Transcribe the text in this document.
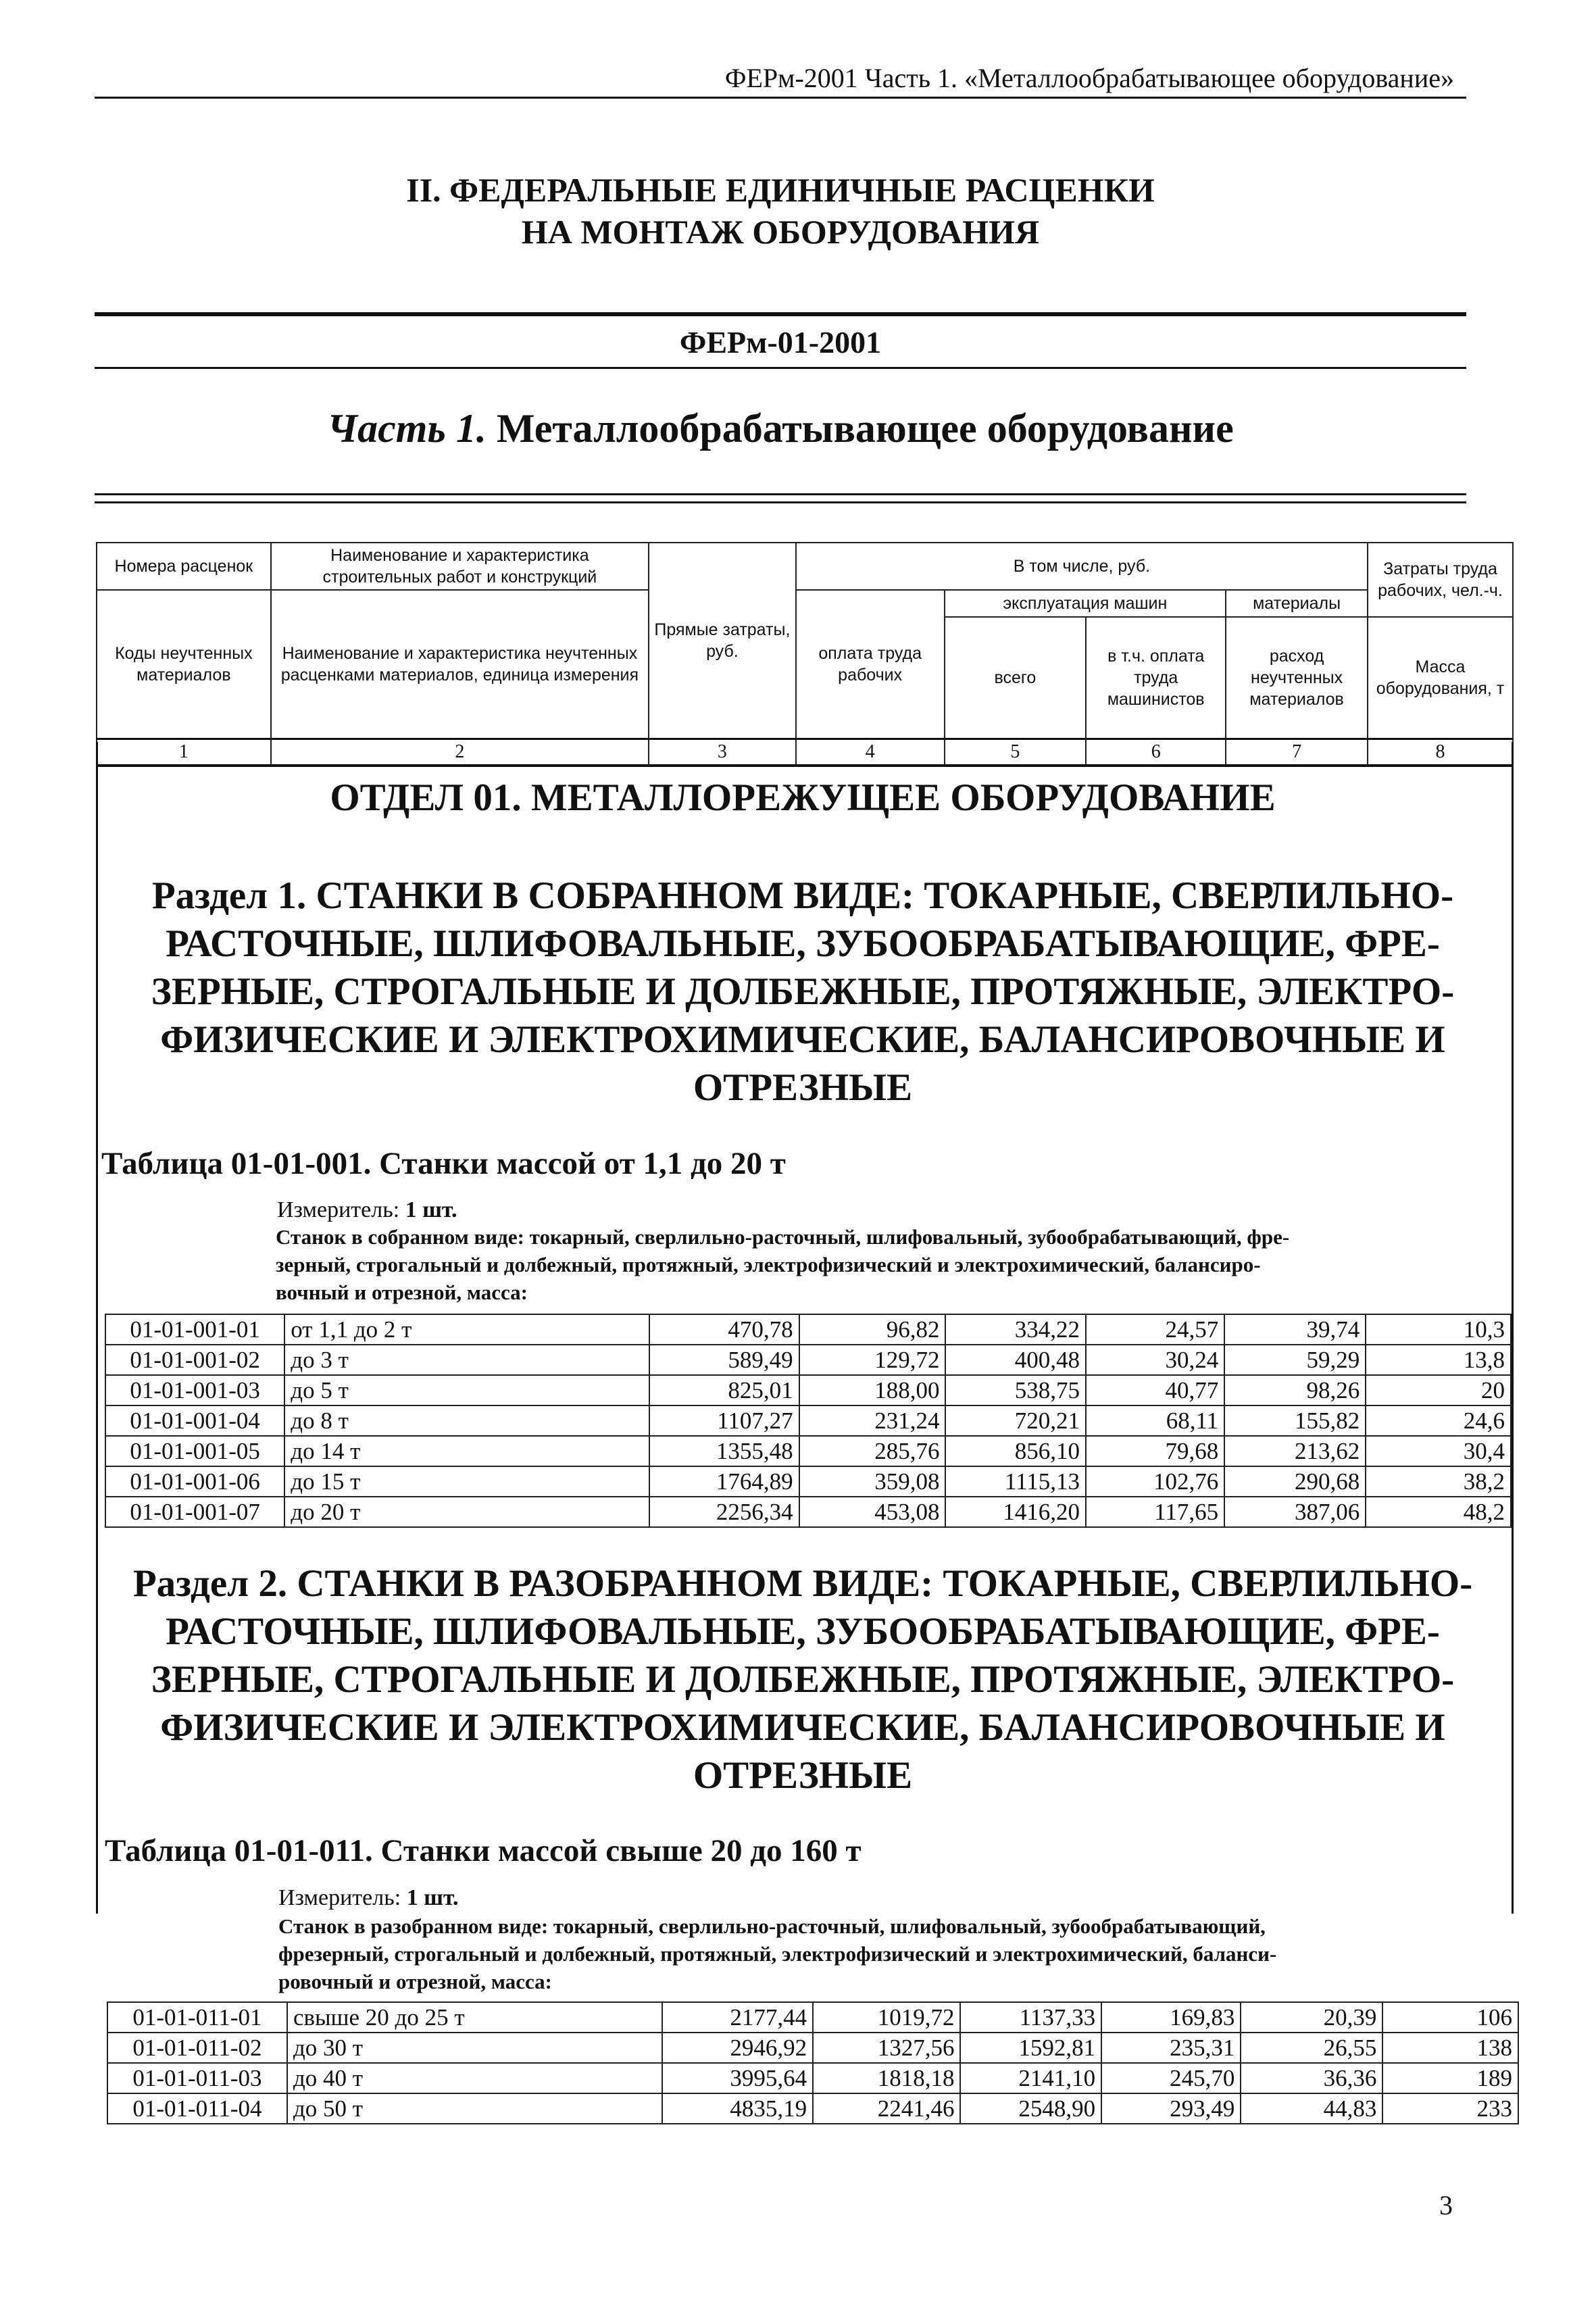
ФЕРм-2001 Часть 1. «Металлообрабатывающее оборудование»
II. ФЕДЕРАЛЬНЫЕ ЕДИНИЧНЫЕ РАСЦЕНКИ
НА МОНТАЖ ОБОРУДОВАНИЯ
ФЕРм-01-2001
Часть 1. Металлообрабатывающее оборудование
Номера расценок	Наименование и характеристика строительных работ и конструкций	Прямые затраты, руб.	В том числе, руб.				Затраты труда рабочих, чел.-ч.
Коды неучтенных материалов	Наименование и характеристика неучтенных расценками материалов, единица измерения		оплата труда рабочих	эксплуатация машин		материалы	
				всего	в т.ч. оплата труда машинистов	расход неучтенных материалов	Масса оборудования, т
1	2	3	4	5	6	7	8
ОТДЕЛ 01. МЕТАЛЛОРЕЖУЩЕЕ ОБОРУДОВАНИЕ
Раздел 1. СТАНКИ В СОБРАННОМ ВИДЕ: ТОКАРНЫЕ, СВЕРЛИЛЬНО-
РАСТОЧНЫЕ, ШЛИФОВАЛЬНЫЕ, ЗУБООБРАБАТЫВАЮЩИЕ, ФРЕ-
ЗЕРНЫЕ, СТРОГАЛЬНЫЕ И ДОЛБЕЖНЫЕ, ПРОТЯЖНЫЕ, ЭЛЕКТРО-
ФИЗИЧЕСКИЕ И ЭЛЕКТРОХИМИЧЕСКИЕ, БАЛАНСИРОВОЧНЫЕ И
ОТРЕЗНЫЕ
Таблица 01-01-001. Станки массой от 1,1 до 20 т
Измеритель: 1 шт.
Станок в собранном виде: токарный, сверлильно-расточный, шлифовальный, зубообрабатывающий, фре-
зерный, строгальный и долбежный, протяжный, электрофизический и электрохимический, балансиро-
вочный и отрезной, масса:
01-01-001-01	от 1,1 до 2 т	470,78	96,82	334,22	24,57	39,74	10,3
01-01-001-02	до 3 т	589,49	129,72	400,48	30,24	59,29	13,8
01-01-001-03	до 5 т	825,01	188,00	538,75	40,77	98,26	20
01-01-001-04	до 8 т	1107,27	231,24	720,21	68,11	155,82	24,6
01-01-001-05	до 14 т	1355,48	285,76	856,10	79,68	213,62	30,4
01-01-001-06	до 15 т	1764,89	359,08	1115,13	102,76	290,68	38,2
01-01-001-07	до 20 т	2256,34	453,08	1416,20	117,65	387,06	48,2
Раздел 2. СТАНКИ В РАЗОБРАННОМ ВИДЕ: ТОКАРНЫЕ, СВЕРЛИЛЬНО-
РАСТОЧНЫЕ, ШЛИФОВАЛЬНЫЕ, ЗУБООБРАБАТЫВАЮЩИЕ, ФРЕ-
ЗЕРНЫЕ, СТРОГАЛЬНЫЕ И ДОЛБЕЖНЫЕ, ПРОТЯЖНЫЕ, ЭЛЕКТРО-
ФИЗИЧЕСКИЕ И ЭЛЕКТРОХИМИЧЕСКИЕ, БАЛАНСИРОВОЧНЫЕ И
ОТРЕЗНЫЕ
Таблица 01-01-011. Станки массой свыше 20 до 160 т
Измеритель: 1 шт.
Станок в разобранном виде: токарный, сверлильно-расточный, шлифовальный, зубообрабатывающий,
фрезерный, строгальный и долбежный, протяжный, электрофизический и электрохимический, баланси-
ровочный и отрезной, масса:
01-01-011-01	свыше 20 до 25 т	2177,44	1019,72	1137,33	169,83	20,39	106
01-01-011-02	до 30 т	2946,92	1327,56	1592,81	235,31	26,55	138
01-01-011-03	до 40 т	3995,64	1818,18	2141,10	245,70	36,36	189
01-01-011-04	до 50 т	4835,19	2241,46	2548,90	293,49	44,83	233
3
